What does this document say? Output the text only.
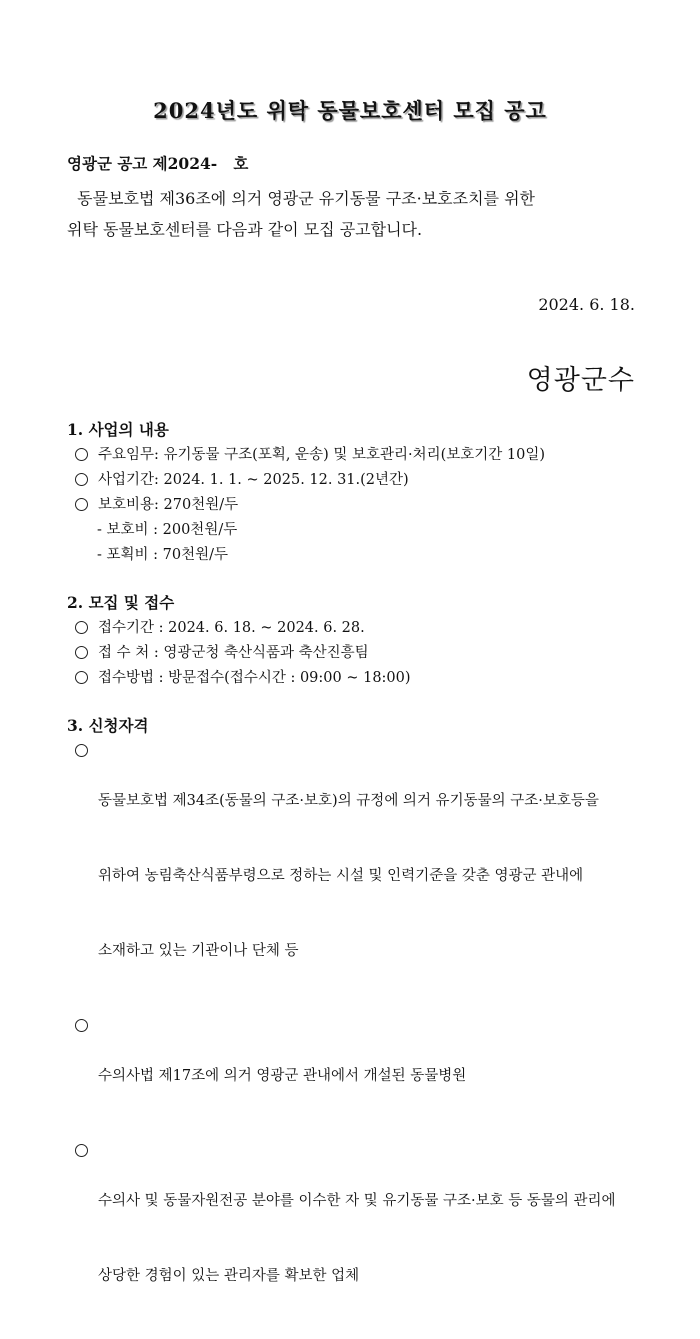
2024년도 위탁 동물보호센터 모집 공고
영광군 공고 제2024-   호
동물보호법 제36조에 의거 영광군 유기동물 구조·보호조치를 위한
위탁 동물보호센터를 다음과 같이 모집 공고합니다.
2024. 6. 18.
영광군수
1. 사업의 내용
주요임무: 유기동물 구조(포획, 운송) 및 보호관리·처리(보호기간 10일)
사업기간: 2024. 1. 1. ~ 2025. 12. 31.(2년간)
보호비용: 270천원/두
- 보호비 : 200천원/두
- 포획비 : 70천원/두
2. 모집 및 접수
접수기간 : 2024. 6. 18. ~ 2024. 6. 28.
접 수 처 : 영광군청 축산식품과 축산진흥팀
접수방법 : 방문접수(접수시간 : 09:00 ~ 18:00)
3. 신청자격

동물보호법 제34조(동물의 구조·보호)의 규정에 의거 유기동물의 구조·보호등을

위하여 농림축산식품부령으로 정하는 시설 및 인력기준을 갖춘 영광군 관내에

소재하고 있는 기관이나 단체 등

수의사법 제17조에 의거 영광군 관내에서 개설된 동물병원

수의사 및 동물자원전공 분야를 이수한 자 및 유기동물 구조·보호 등 동물의 관리에

상당한 경험이 있는 관리자를 확보한 업체
